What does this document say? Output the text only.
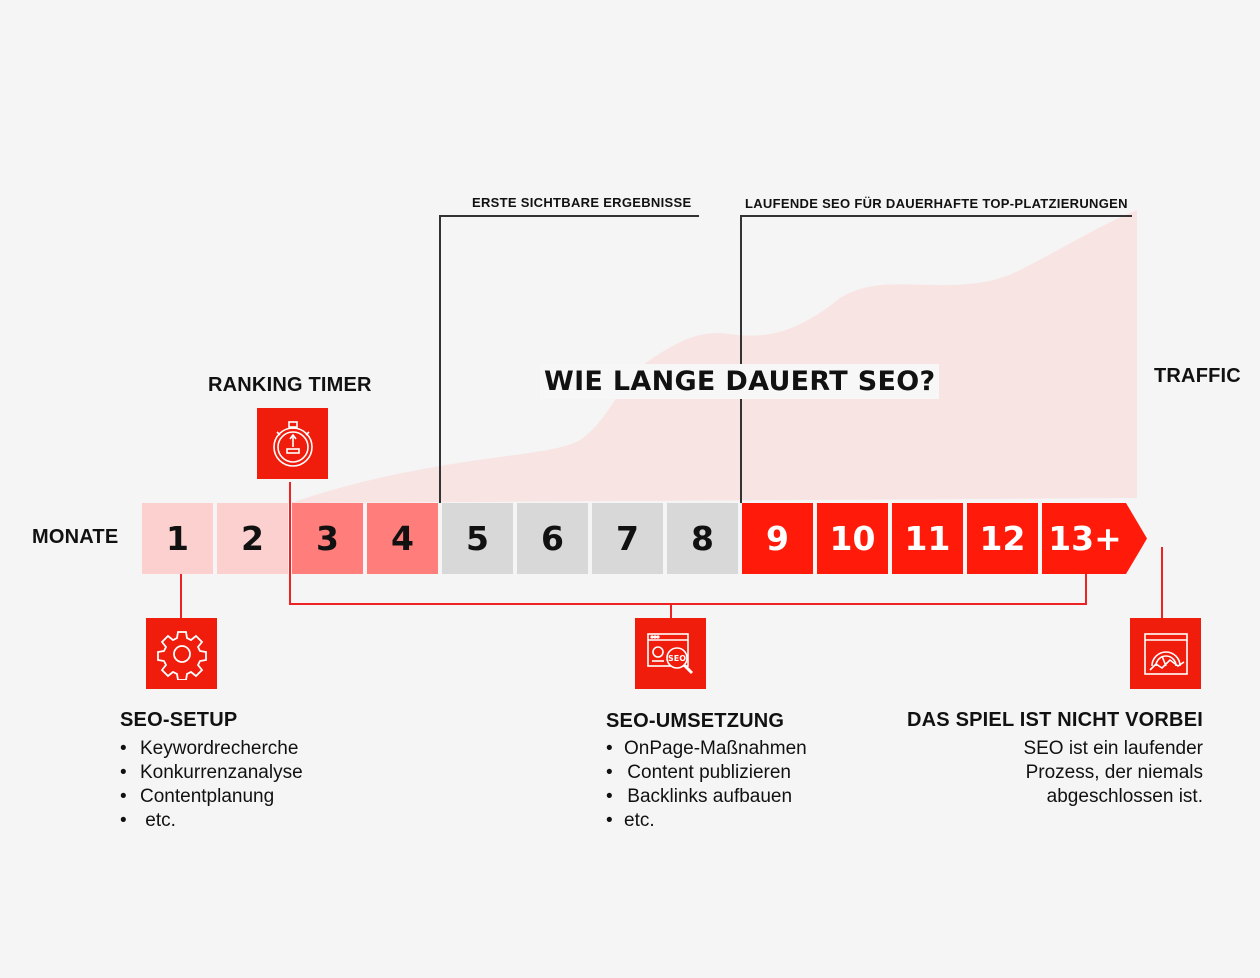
ERSTE SICHTBARE ERGEBNISSE	LAUFENDE SEO FÜR DAUERHAFTE TOP-PLATZIERUNGEN
WIE LANGE DAUERT SEO?	TRAFFIC
RANKING TIMER
MONATE	1	2	3	4	5	6	7	8	9	10 11 12 13+
SEO
SEO-SETUP
• Keywordrecherche
• Konkurrenzanalyse
• Contentplanung
•  etc.
SEO-UMSETZUNG
• OnPage-Maßnahmen
•  Content publizieren
•  Backlinks aufbauen
• etc.
DAS SPIEL IST NICHT VORBEI
SEO ist ein laufender
Prozess, der niemals
abgeschlossen ist.
